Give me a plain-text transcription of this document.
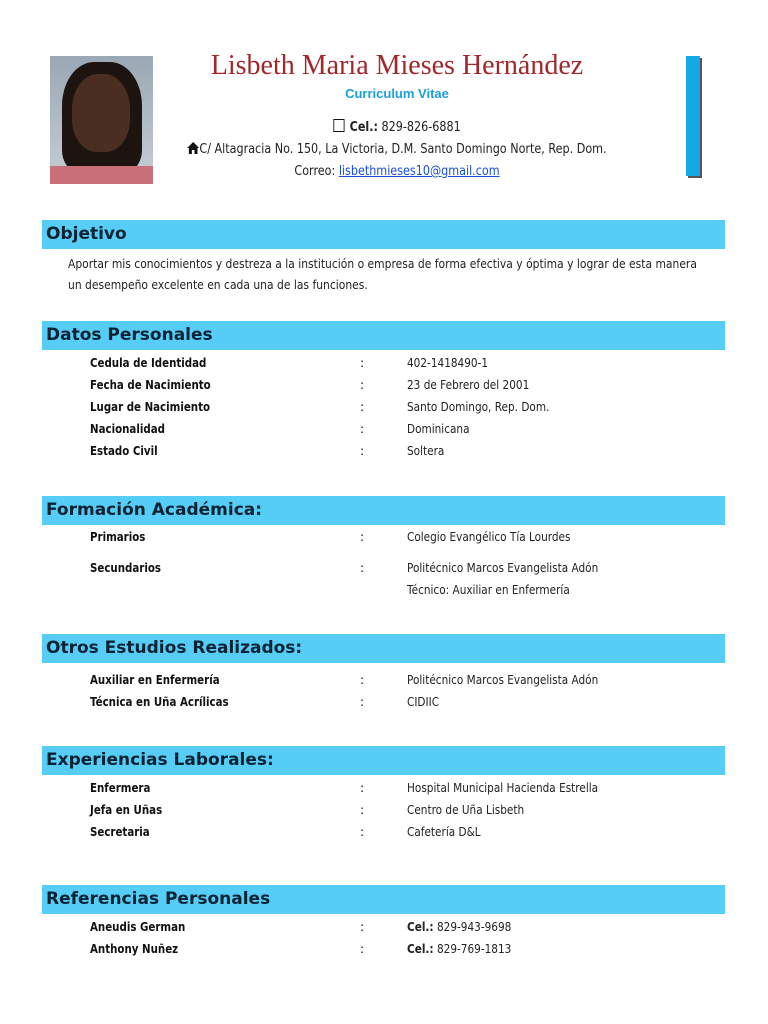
Lisbeth Maria Mieses Hernández
Curriculum Vitae
Cel.: 829-826-6881
C/ Altagracia No. 150, La Victoria, D.M. Santo Domingo Norte, Rep. Dom.
Correo: lisbethmieses10@gmail.com
Objetivo
Aportar mis conocimientos y destreza a la institución o empresa de forma efectiva y óptima y lograr de esta manera
un desempeño excelente en cada una de las funciones.
Datos Personales
Cedula de Identidad	:	402-1418490-1
Fecha de Nacimiento	:	23 de Febrero del 2001
Lugar de Nacimiento	:	Santo Domingo, Rep. Dom.
Nacionalidad	:	Dominicana
Estado Civil	:	Soltera
Formación Académica:
Primarios	:	Colegio Evangélico Tía Lourdes
Secundarios	:	Politécnico Marcos Evangelista Adón
Técnico: Auxiliar en Enfermería
Otros Estudios Realizados:
Auxiliar en Enfermería	:	Politécnico Marcos Evangelista Adón
Técnica en Uña Acrílicas	:	CIDIIC
Experiencias Laborales:
Enfermera	:	Hospital Municipal Hacienda Estrella
Jefa en Uñas	:	Centro de Uña Lisbeth
Secretaria	:	Cafetería D&L
Referencias Personales
Aneudis German	:	Cel.: 829-943-9698
Anthony Nuñez	:	Cel.: 829-769-1813
